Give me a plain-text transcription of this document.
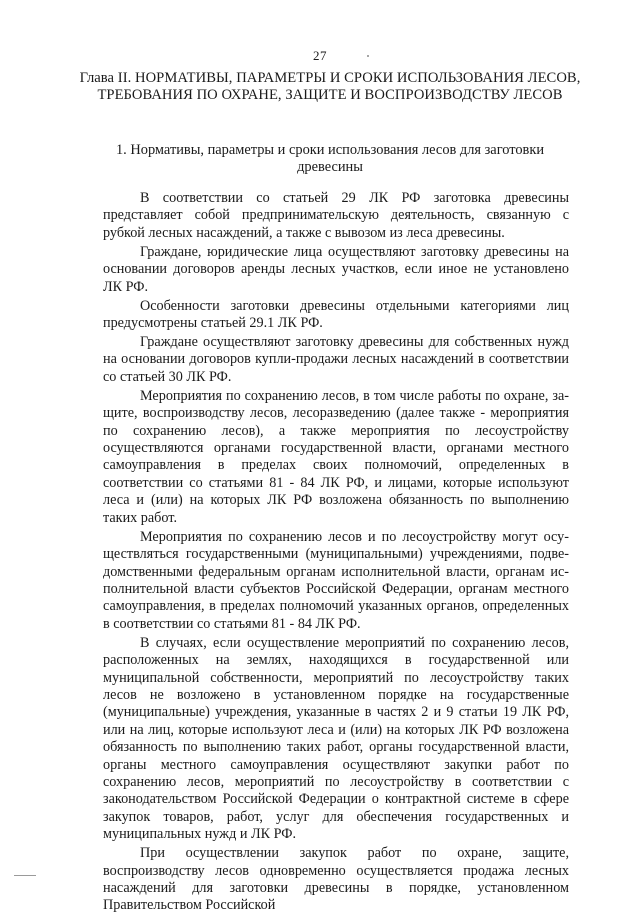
27
Глава II. НОРМАТИВЫ, ПАРАМЕТРЫ И СРОКИ ИСПОЛЬЗОВАНИЯ ЛЕСОВ, ТРЕБОВАНИЯ ПО ОХРАНЕ, ЗАЩИТЕ И ВОСПРОИЗВОДСТВУ ЛЕСОВ
1. Нормативы, параметры и сроки использования лесов для заготовки древесины

В соответствии со статьей 29 ЛК РФ заготовка древесины представляет собой предпринимательскую деятельность, связанную с рубкой лесных насаждений, а также с вывозом из леса древесины.

Граждане, юридические лица осуществляют заготовку древесины на основании договоров аренды лесных участков, если иное не установлено ЛК РФ.

Особенности заготовки древесины отдельными категориями лиц предусмотрены статьей 29.1 ЛК РФ.

Граждане осуществляют заготовку древесины для собственных нужд на основании договоров купли-продажи лесных насаждений в соответствии со статьей 30 ЛК РФ.

Мероприятия по сохранению лесов, в том числе работы по охране, защите, воспроизводству лесов, лесоразведению (далее также - мероприятия по сохранению лесов), а также мероприятия по лесоустройству осуществляются органами государственной власти, органами местного самоуправления в пределах своих полномочий, определенных в соответствии со статьями 81 - 84 ЛК РФ, и лицами, которые используют леса и (или) на которых ЛК РФ возложена обязанность по выполнению таких работ.

Мероприятия по сохранению лесов и по лесоустройству могут осуществляться государственными (муниципальными) учреждениями, подведомственными федеральным органам исполнительной власти, органам исполнительной власти субъектов Российской Федерации, органам местного самоуправления, в пределах полномочий указанных органов, определенных в соответствии со статьями 81 - 84 ЛК РФ.

В случаях, если осуществление мероприятий по сохранению лесов, расположенных на землях, находящихся в государственной или муниципальной собственности, мероприятий по лесоустройству таких лесов не возложено в установленном порядке на государственные (муниципальные) учреждения, указанные в частях 2 и 9 статьи 19 ЛК РФ, или на лиц, которые используют леса и (или) на которых ЛК РФ возложена обязанность по выполнению таких работ, органы государственной власти, органы местного самоуправления осуществляют закупки работ по сохранению лесов, мероприятий по лесоустройству в соответствии с законодательством Российской Федерации о контрактной системе в сфере закупок товаров, работ, услуг для обеспечения государственных и муниципальных нужд и ЛК РФ.

При осуществлении закупок работ по охране, защите, воспроизводству лесов одновременно осуществляется продажа лесных насаждений для заготовки древесины в порядке, установленном Правительством Российской
